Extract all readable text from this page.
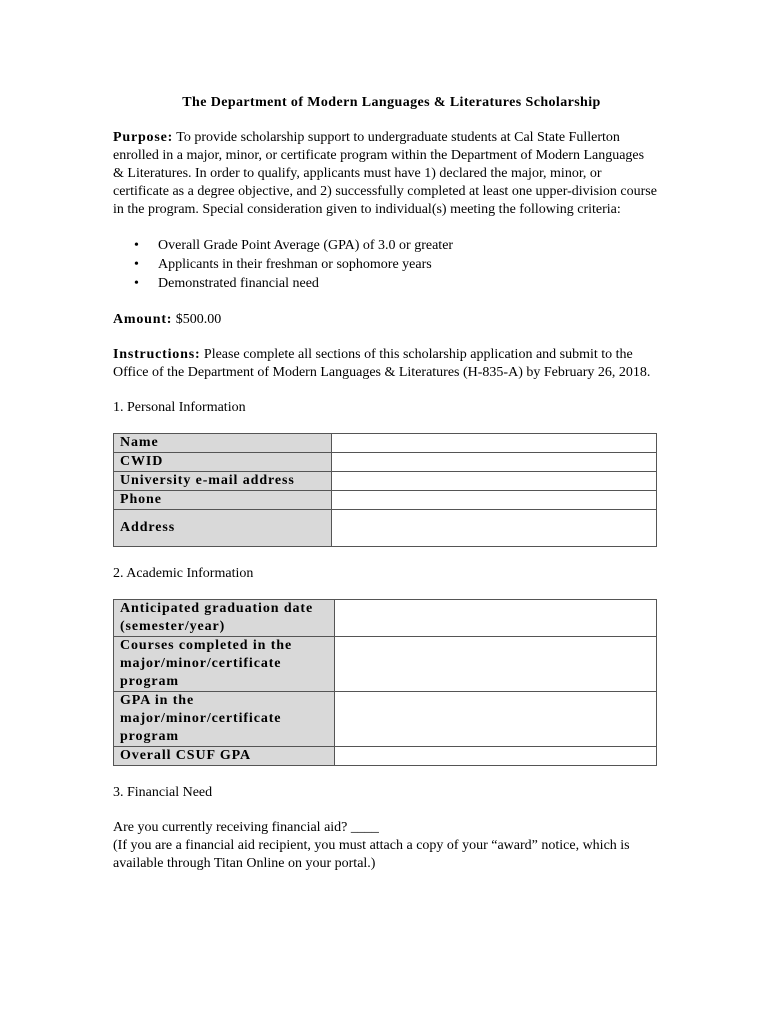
The Department of Modern Languages & Literatures Scholarship

Purpose: To provide scholarship support to undergraduate students at Cal State Fullerton enrolled in a major, minor, or certificate program within the Department of Modern Languages & Literatures. In order to qualify, applicants must have 1) declared the major, minor, or certificate as a degree objective, and 2) successfully completed at least one upper-division course in the program. Special consideration given to individual(s) meeting the following criteria:

• Overall Grade Point Average (GPA) of 3.0 or greater
• Applicants in their freshman or sophomore years
• Demonstrated financial need

Amount: $500.00

Instructions: Please complete all sections of this scholarship application and submit to the Office of the Department of Modern Languages & Literatures (H-835-A) by February 26, 2018.

1. Personal Information

Name	
CWID	
University e-mail address	
Phone	
Address	

2. Academic Information

Anticipated graduation date (semester/year)	
Courses completed in the major/minor/certificate program	
GPA in the major/minor/certificate program	
Overall CSUF GPA	

3. Financial Need

Are you currently receiving financial aid? ____

(If you are a financial aid recipient, you must attach a copy of your “award” notice, which is available through Titan Online on your portal.)
